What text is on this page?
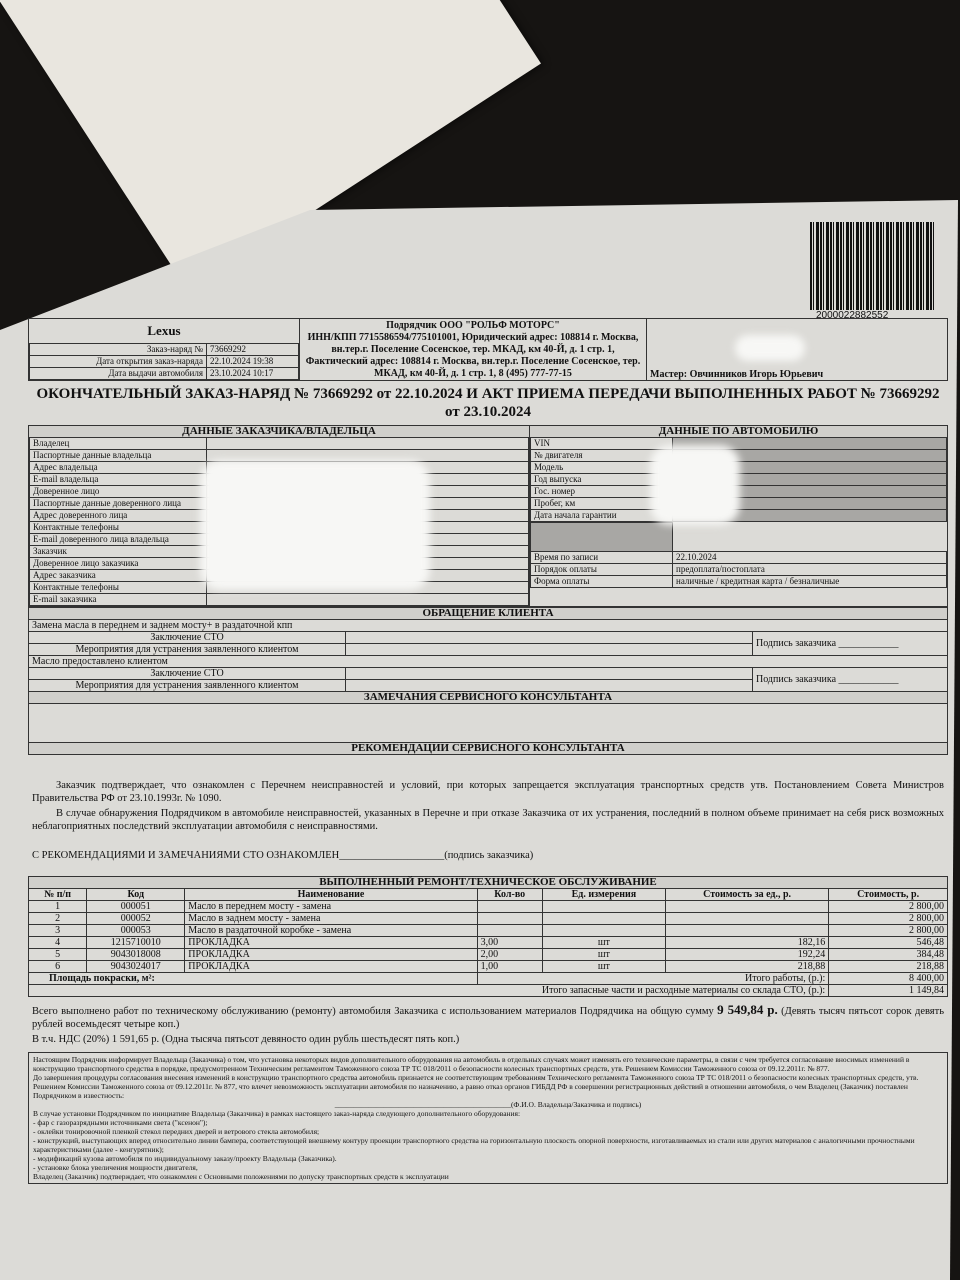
2000022882552
Lexus
Заказ-наряд №	73669292
Дата открытия заказ-наряда	22.10.2024 19:38
Дата выдачи автомобиля	23.10.2024 10:17

Подрядчик ООО "РОЛЬФ МОТОРС"
ИНН/КПП 7715586594/775101001, Юридический адрес: 108814 г. Москва, вн.тер.г. Поселение Сосенское, тер. МКАД, км 40-Й, д. 1 стр. 1, Фактический адрес: 108814 г. Москва, вн.тер.г. Поселение Сосенское, тер. МКАД, км 40-Й, д. 1 стр. 1, 8 (495) 777-77-15	Мастер: Овчинников Игорь Юрьевич
ОКОНЧАТЕЛЬНЫЙ ЗАКАЗ-НАРЯД № 73669292 от 22.10.2024 И АКТ ПРИЕМА ПЕРЕДАЧИ ВЫПОЛНЕННЫХ РАБОТ № 73669292 от 23.10.2024
ДАННЫЕ ЗАКАЗЧИКА/ВЛАДЕЛЬЦА
Владелец	
Паспортные данные владельца	
Адрес владельца	
E-mail владельца	
Доверенное лицо	
Паспортные данные доверенного лица	
Адрес доверенного лица	
Контактные телефоны	
E-mail доверенного лица владельца	
Заказчик	
Доверенное лицо заказчика	
Адрес заказчика	
Контактные телефоны	
E-mail заказчика	

ДАННЫЕ ПО АВТОМОБИЛЮ
VIN	
№ двигателя	
Модель	
Год выпуска	
Гос. номер	
Пробег, км	
Дата начала гарантии	

Время по записи	22.10.2024
Порядок оплаты	предоплата/постоплата
Форма оплаты	наличные / кредитная карта / безналичные
ОБРАЩЕНИЕ КЛИЕНТА		
Замена масла в переднем и заднем мосту+ в раздаточной кпп		
Заключение СТО		Подпись заказчика ____________
Мероприятия для устранения заявленного клиентом		
Масло предоставлено клиентом		
Заключение СТО		Подпись заказчика ____________
Мероприятия для устранения заявленного клиентом		
ЗАМЕЧАНИЯ СЕРВИСНОГО КОНСУЛЬТАНТА		

РЕКОМЕНДАЦИИ СЕРВИСНОГО КОНСУЛЬТАНТА		

Заказчик подтверждает, что ознакомлен с Перечнем неисправностей и условий, при которых запрещается эксплуатация транспортных средств утв. Постановлением Совета Министров Правительства РФ от 23.10.1993г. № 1090.

В случае обнаружения Подрядчиком в автомобиле неисправностей, указанных в Перечне и при отказе Заказчика от их устранения, последний в полном объеме принимает на себя риск возможных неблагоприятных последствий эксплуатации автомобиля с неисправностями.

С РЕКОМЕНДАЦИЯМИ И ЗАМЕЧАНИЯМИ СТО ОЗНАКОМЛЕН____________________(подпись заказчика)

ВЫПОЛНЕННЫЙ РЕМОНТ/ТЕХНИЧЕСКОЕ ОБСЛУЖИВАНИЕ						
№ п/п	Код	Наименование	Кол-во	Ед. измерения	Стоимость за ед., р.	Стоимость, р.
1	000051	Масло в переднем мосту - замена				2 800,00
2	000052	Масло в заднем мосту - замена				2 800,00
3	000053	Масло в раздаточной коробке - замена				2 800,00
4	1215710010	ПРОКЛАДКА	3,00	шт	182,16	546,48
5	9043018008	ПРОКЛАДКА	2,00	шт	192,24	384,48
6	9043024017	ПРОКЛАДКА	1,00	шт	218,88	218,88
Площадь покраски, м²:			Итого работы, (р.):			8 400,00
Итого запасные части и расходные материалы со склада СТО, (р.):						1 149,84

Всего выполнено работ по техническому обслуживанию (ремонту) автомобиля Заказчика с использованием материалов Подрядчика на общую сумму 9 549,84 р. (Девять тысяч пятьсот сорок девять рублей восемьдесят четыре коп.)

В т.ч. НДС (20%) 1 591,65 р. (Одна тысяча пятьсот девяносто один рубль шестьдесят пять коп.)

Настоящим Подрядчик информирует Владельца (Заказчика) о том, что установка некоторых видов дополнительного оборудования на автомобиль в отдельных случаях может изменять его технические параметры, в связи с чем требуется согласование вносимых изменений в конструкцию транспортного средства в порядке, предусмотренном Техническим регламентом Таможенного союза ТР ТС 018/2011 о безопасности колесных транспортных средств, утв. Решением Комиссии Таможенного союза от 09.12.2011г. № 877.

До завершения процедуры согласования внесения изменений в конструкцию транспортного средства автомобиль признается не соответствующим требованиям Технического регламента Таможенного союза ТР ТС 018/2011 о безопасности колесных транспортных средств, утв. Решением Комиссии Таможенного союза от 09.12.2011г. № 877, что влечет невозможность эксплуатации автомобиля по назначению, а равно отказ органов ГИБДД РФ в совершении регистрационных действий в отношении автомобиля, о чем Владелец (Заказчик) поставлен Подрядчиком в известность:

_______________________________________________(Ф.И.О. Владельца/Заказчика и подпись)

В случае установки Подрядчиком по инициативе Владельца (Заказчика) в рамках настоящего заказ-наряда следующего дополнительного оборудования:

- фар с газоразрядными источниками света ("ксенон");

- оклейки тонировочной пленкой стекол передних дверей и ветрового стекла автомобиля;

- конструкций, выступающих вперед относительно линии бампера, соответствующей внешнему контуру проекции транспортного средства на горизонтальную плоскость опорной поверхности, изготавливаемых из стали или других материалов с аналогичными прочностными характеристиками (далее - кенгурятник);

- модификаций кузова автомобиля по индивидуальному заказу/проекту Владельца (Заказчика).

- установке блока увеличения мощности двигателя,

Владелец (Заказчик) подтверждает, что ознакомлен с Основными положениями по допуску транспортных средств к эксплуатации
